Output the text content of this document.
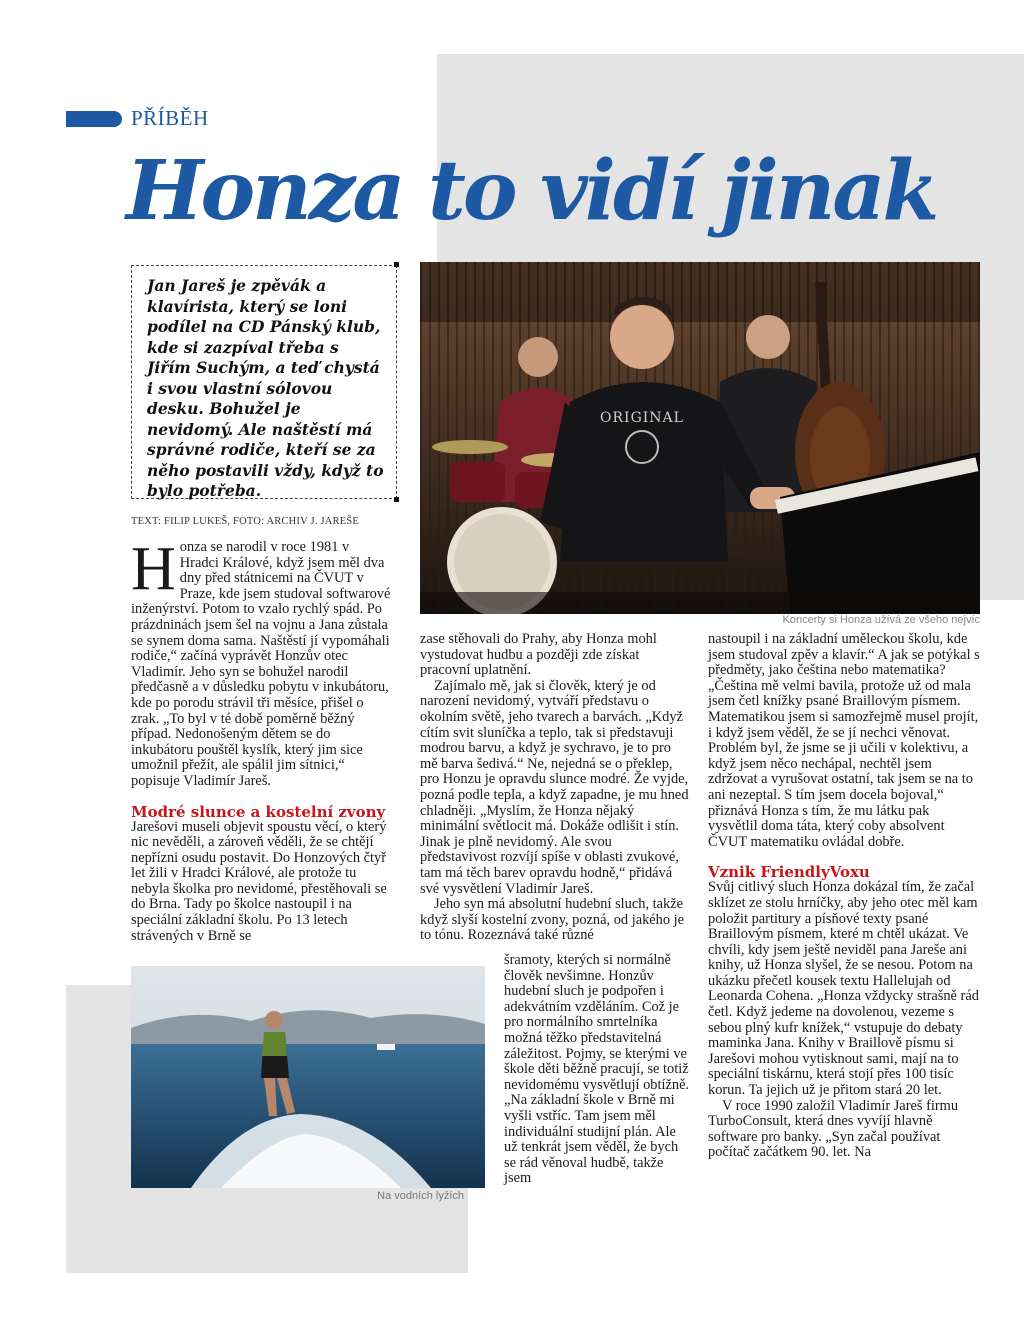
PŘÍBĚH
Honza to vidí jinak
Jan Jareš je zpěvák a klavírista, který se loni podílel na CD Pánský klub, kde si zazpíval třeba s Jiřím Suchým, a teď chystá i svou vlastní sólovou desku. Bohužel je nevidomý. Ale naštěstí má správné rodiče, kteří se za něho postavili vždy, když to bylo potřeba.
TEXT: FILIP LUKEŠ, FOTO: ARCHIV J. JAREŠE
ORIGINAL
Koncerty si Honza užívá ze všeho nejvíc

Honza se narodil v roce 1981 v Hradci Králové, když jsem měl dva dny před státnicemi na ČVUT v Praze, kde jsem studoval softwarové inženýrství. Potom to vzalo rychlý spád. Po prázdninách jsem šel na vojnu a Jana zůstala se synem doma sama. Naštěstí jí vypomáhali rodiče,“ začíná vyprávět Honzův otec Vladimír. Jeho syn se bohužel narodil předčasně a v důsledku pobytu v inkubátoru, kde po porodu strávil tři měsíce, přišel o zrak. „To byl v té době poměrně běžný případ. Nedonošeným dětem se do inkubátoru pouštěl kyslík, který jim sice umožnil přežít, ale spálil jim sítnici,“ popisuje Vladimír Jareš.

Modré slunce a kostelní zvony

Jarešovi museli objevit spoustu věcí, o který nic nevěděli, a zároveň věděli, že se chtějí nepřízni osudu postavit. Do Honzových čtyř let žili v Hradci Králové, ale protože tu nebyla školka pro nevidomé, přestěhovali se do Brna. Tady po školce nastoupil i na speciální základní školu. Po 13 letech strávených v Brně se

Na vodních lyžích

zase stěhovali do Prahy, aby Honza mohl vystudovat hudbu a později zde získat pracovní uplatnění.

Zajímalo mě, jak si člověk, který je od narození nevidomý, vytváří představu o okolním světě, jeho tvarech a barvách. „Když cítím svit sluníčka a teplo, tak si představuji modrou barvu, a když je sychravo, je to pro mě barva šedivá.“ Ne, nejedná se o překlep, pro Honzu je opravdu slunce modré. Že vyjde, pozná podle tepla, a když zapadne, je mu hned chladněji. „Myslím, že Honza nějaký minimální světlocit má. Dokáže odlišit i stín. Jinak je plně nevidomý. Ale svou představivost rozvíjí spíše v oblasti zvukové, tam má těch barev opravdu hodně,“ přidává své vysvětlení Vladimír Jareš.

Jeho syn má absolutní hudební sluch, takže když slyší kostelní zvony, pozná, od jakého je to tónu. Rozeznává také různé

šramoty, kterých si normálně člověk nevšimne. Honzův hudební sluch je podpořen i adekvátním vzděláním. Což je pro normálního smrtelníka možná těžko představitelná záležitost. Pojmy, se kterými ve škole děti běžně pracují, se totiž nevidomému vysvětlují obtížně. „Na základní škole v Brně mi vyšli vstříc. Tam jsem měl individuální studijní plán. Ale už tenkrát jsem věděl, že bych se rád věnoval hudbě, takže jsem

nastoupil i na základní uměleckou školu, kde jsem studoval zpěv a klavír.“ A jak se potýkal s předměty, jako čeština nebo matematika? „Čeština mě velmi bavila, protože už od mala jsem četl knížky psané Braillovým písmem. Matematikou jsem si samozřejmě musel projít, i když jsem věděl, že se jí nechci věnovat. Problém byl, že jsme se ji učili v kolektivu, a když jsem něco nechápal, nechtěl jsem zdržovat a vyrušovat ostatní, tak jsem se na to ani nezeptal. S tím jsem docela bojoval,“ přiznává Honza s tím, že mu látku pak vysvětlil doma táta, který coby absolvent ČVUT matematiku ovládal dobře.

Vznik FriendlyVoxu

Svůj citlivý sluch Honza dokázal tím, že začal sklízet ze stolu hrníčky, aby jeho otec měl kam položit partitury a písňové texty psané Braillovým písmem, které m chtěl ukázat. Ve chvíli, kdy jsem ještě neviděl pana Jareše ani knihy, už Honza slyšel, že se nesou. Potom na ukázku přečetl kousek textu Hallelujah od Leonarda Cohena. „Honza vždycky strašně rád četl. Když jedeme na dovolenou, vezeme s sebou plný kufr knížek,“ vstupuje do debaty maminka Jana. Knihy v Braillově písmu si Jarešovi mohou vytisknout sami, mají na to speciální tiskárnu, která stojí přes 100 tisíc korun. Ta jejich už je přitom stará 20 let.

V roce 1990 založil Vladimír Jareš firmu TurboConsult, která dnes vyvíjí hlavně software pro banky. „Syn začal používat počítač začátkem 90. let. Na
